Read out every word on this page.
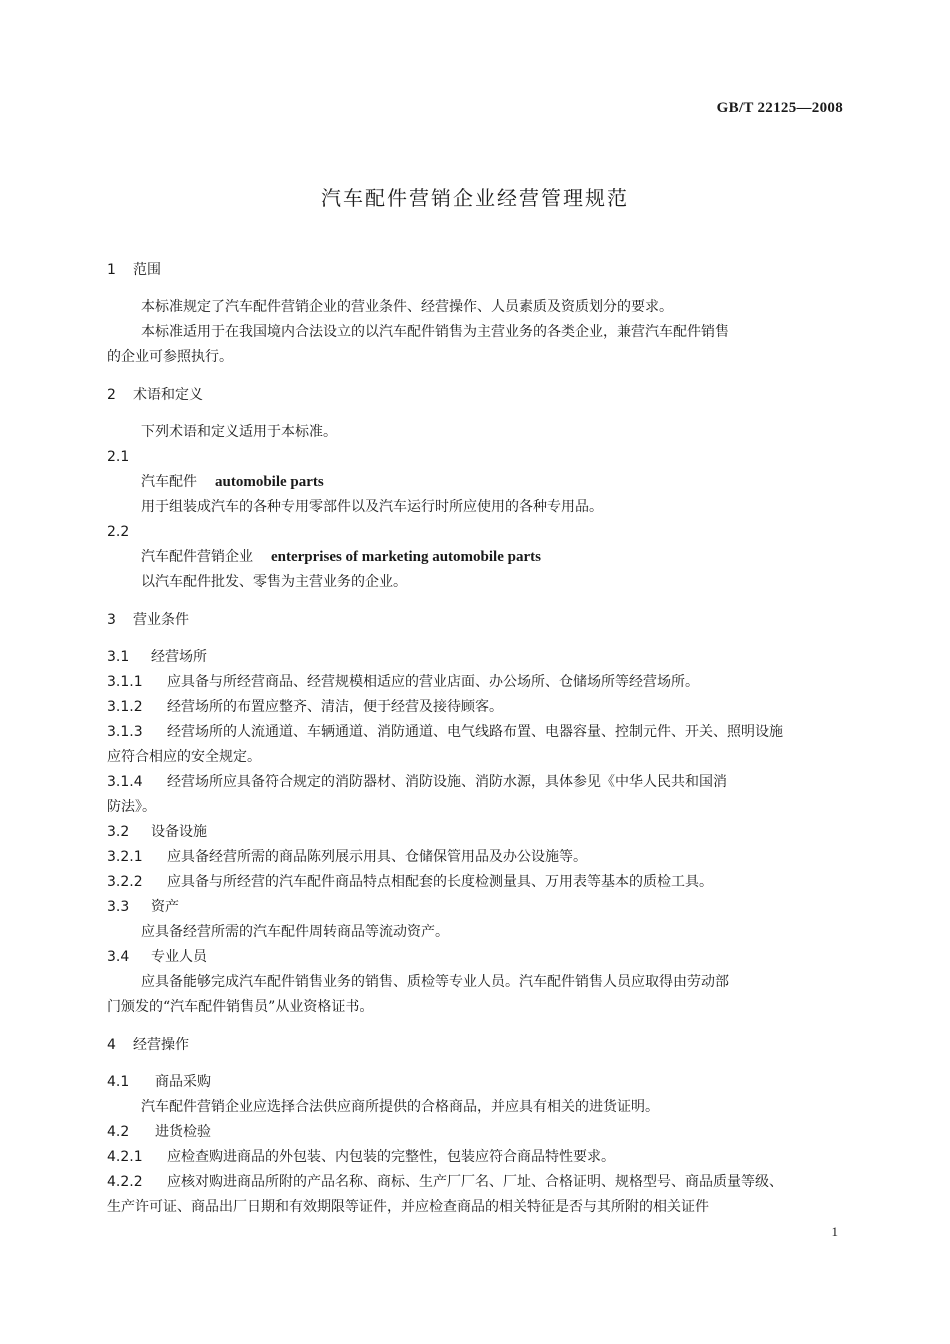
GB/T 22125—2008
汽车配件营销企业经营管理规范
1 范围
本标准规定了汽车配件营销企业的营业条件、经营操作、人员素质及资质划分的要求。
本标准适用于在我国境内合法设立的以汽车配件销售为主营业务的各类企业，兼营汽车配件销售
的企业可参照执行。
2 术语和定义
下列术语和定义适用于本标准。
2.1
汽车配件 automobile parts
用于组装成汽车的各种专用零部件以及汽车运行时所应使用的各种专用品。
2.2
汽车配件营销企业 enterprises of marketing automobile parts
以汽车配件批发、零售为主营业务的企业。
3 营业条件
3.1 经营场所
3.1.1 应具备与所经营商品、经营规模相适应的营业店面、办公场所、仓储场所等经营场所。
3.1.2 经营场所的布置应整齐、清洁，便于经营及接待顾客。
3.1.3 经营场所的人流通道、车辆通道、消防通道、电气线路布置、电器容量、控制元件、开关、照明设施
应符合相应的安全规定。
3.1.4 经营场所应具备符合规定的消防器材、消防设施、消防水源，具体参见《中华人民共和国消
防法》。
3.2 设备设施
3.2.1 应具备经营所需的商品陈列展示用具、仓储保管用品及办公设施等。
3.2.2 应具备与所经营的汽车配件商品特点相配套的长度检测量具、万用表等基本的质检工具。
3.3 资产
应具备经营所需的汽车配件周转商品等流动资产。
3.4 专业人员
应具备能够完成汽车配件销售业务的销售、质检等专业人员。汽车配件销售人员应取得由劳动部
门颁发的“汽车配件销售员”从业资格证书。
4 经营操作
4.1 商品采购
汽车配件营销企业应选择合法供应商所提供的合格商品，并应具有相关的进货证明。
4.2 进货检验
4.2.1 应检查购进商品的外包装、内包装的完整性，包装应符合商品特性要求。
4.2.2 应核对购进商品所附的产品名称、商标、生产厂厂名、厂址、合格证明、规格型号、商品质量等级、
生产许可证、商品出厂日期和有效期限等证件，并应检查商品的相关特征是否与其所附的相关证件
1
